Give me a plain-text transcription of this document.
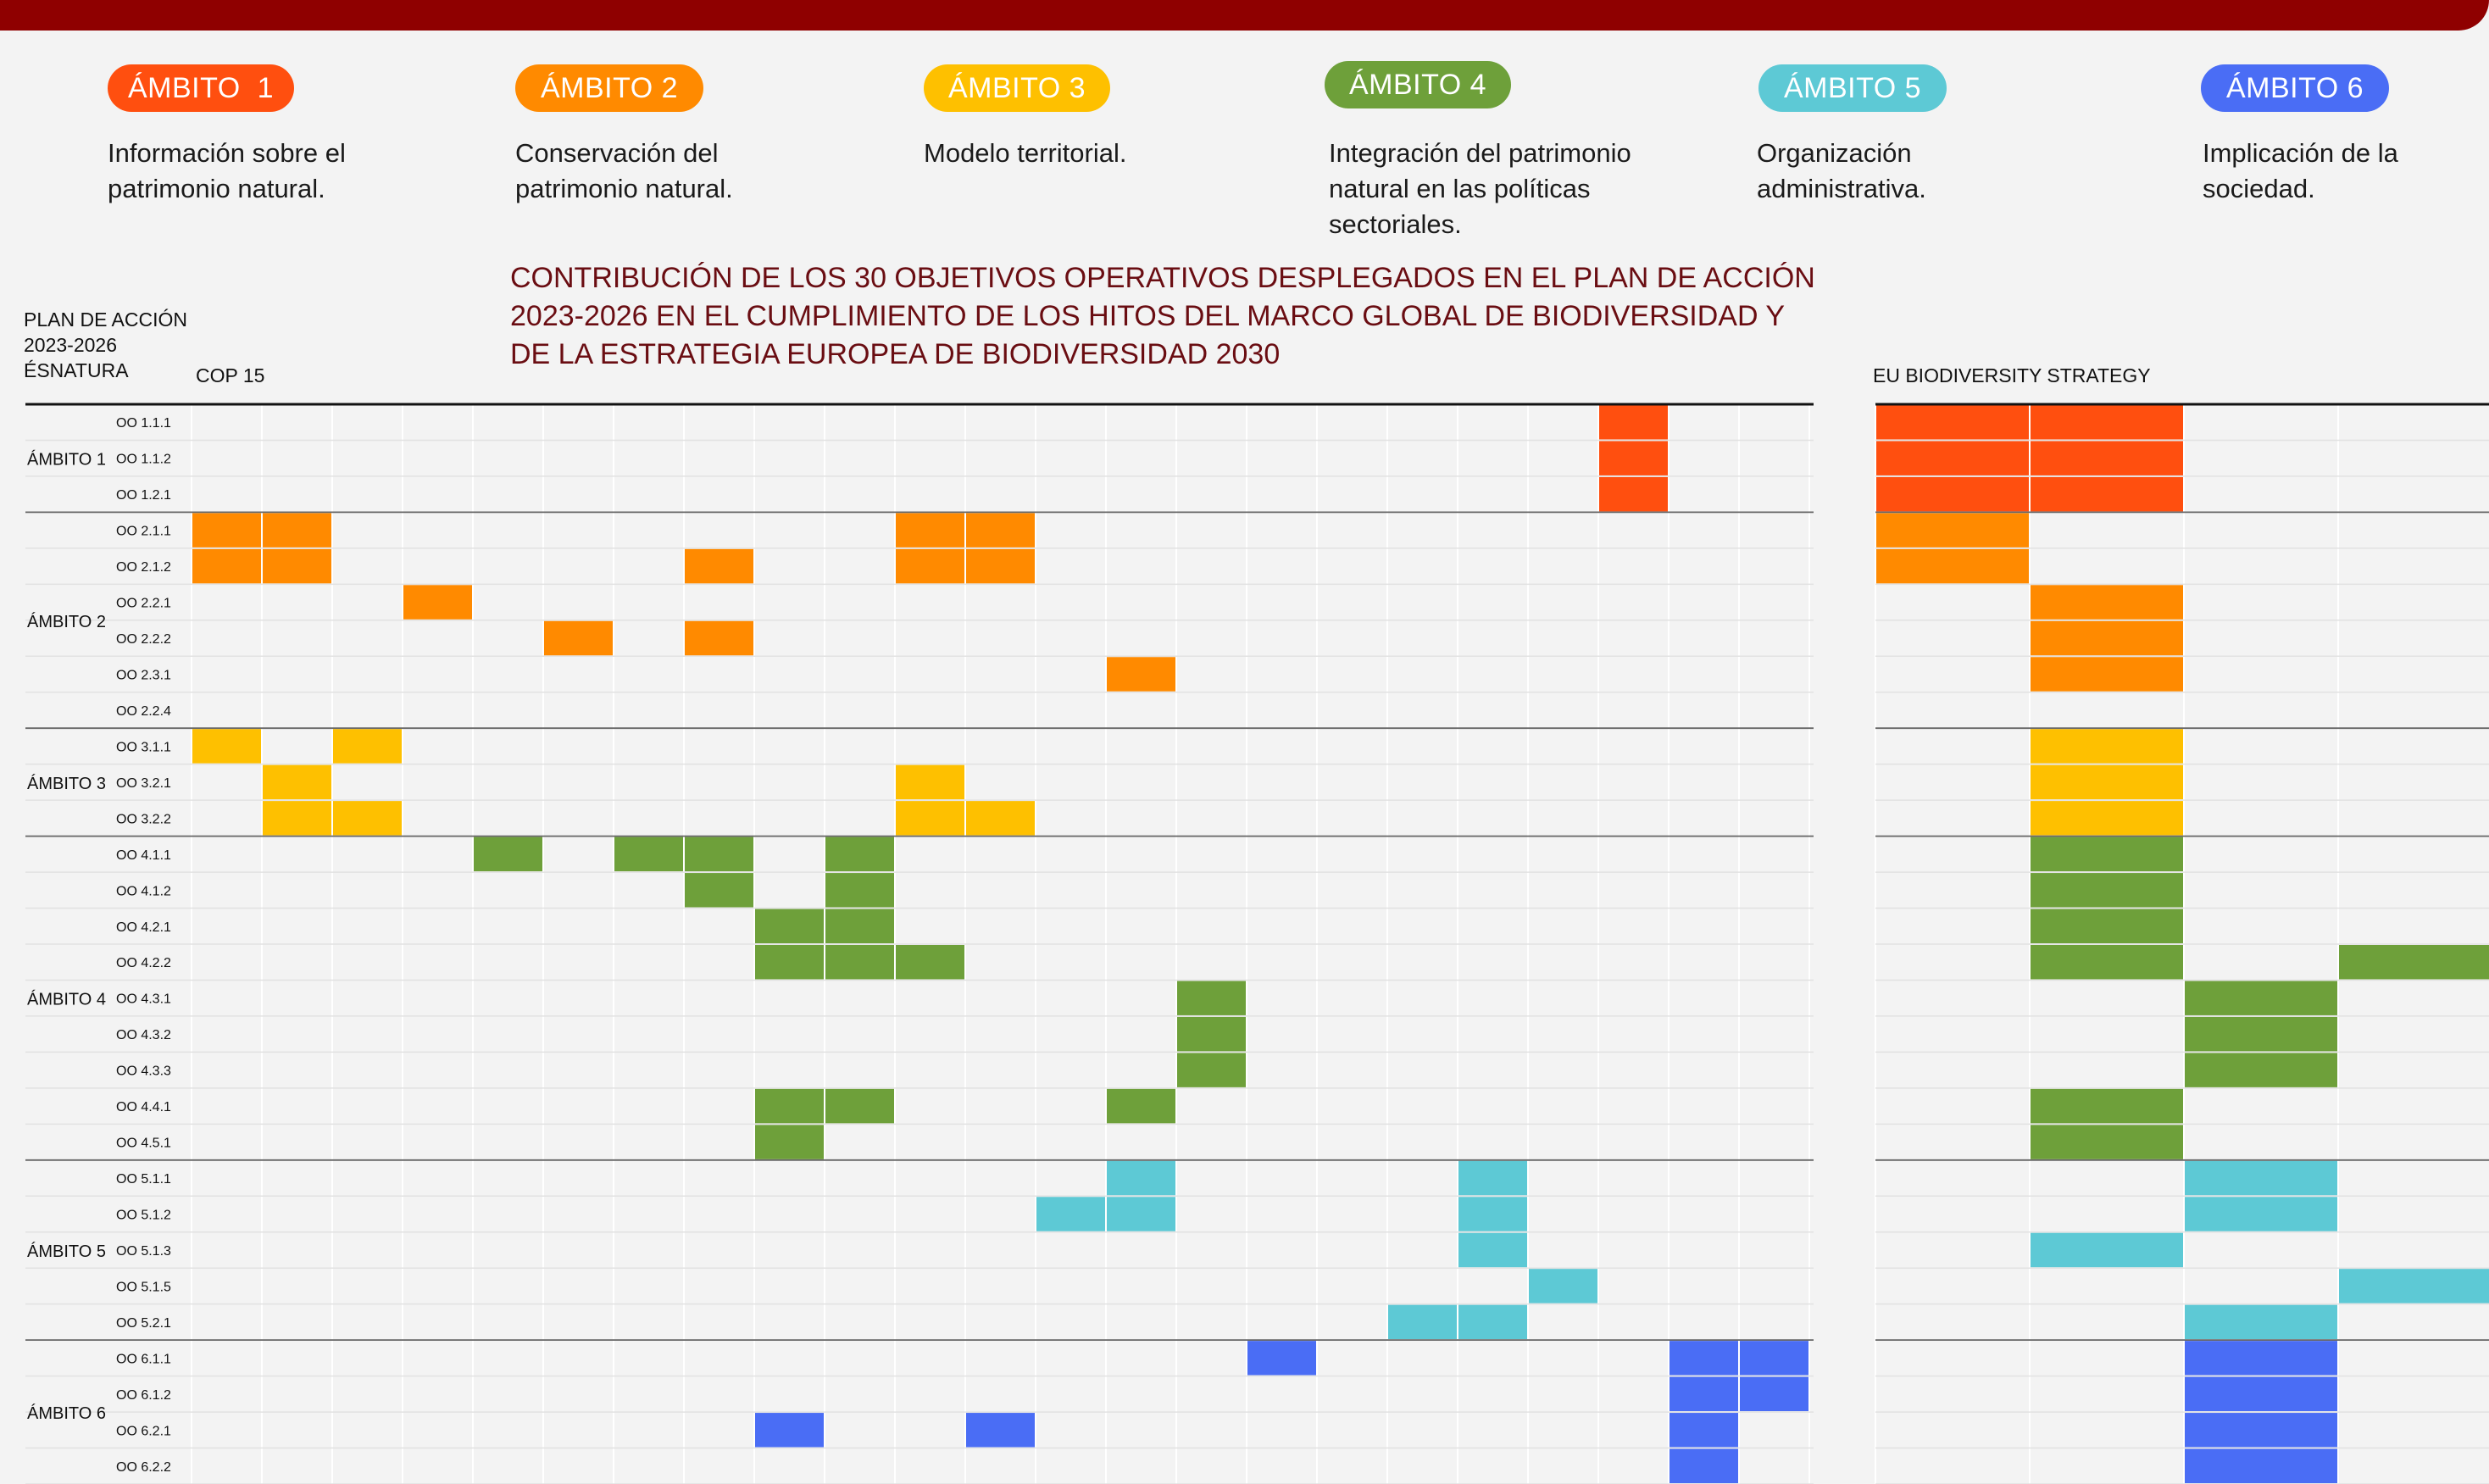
ÁMBITO  1
Información sobre el
patrimonio natural.
ÁMBITO 2
Conservación del
patrimonio natural.
ÁMBITO 3
Modelo territorial.
ÁMBITO 4
Integración del patrimonio
natural en las políticas
sectoriales.
ÁMBITO 5
Organización
administrativa.
ÁMBITO 6
Implicación de la
sociedad.
CONTRIBUCIÓN DE LOS 30 OBJETIVOS OPERATIVOS DESPLEGADOS EN EL PLAN DE ACCIÓN 2023-2026 EN EL CUMPLIMIENTO DE LOS HITOS DEL MARCO GLOBAL DE BIODIVERSIDAD Y DE LA ESTRATEGIA EUROPEA DE BIODIVERSIDAD 2030
PLAN DE ACCIÓN
2023-2026
ÉSNATURA	COP 15	EU BIODIVERSITY STRATEGY
OO 1.1.1
OO 1.1.2
OO 1.2.1
OO 2.1.1
OO 2.1.2
OO 2.2.1
OO 2.2.2
OO 2.3.1
OO 2.2.4
OO 3.1.1
OO 3.2.1
OO 3.2.2
OO 4.1.1
OO 4.1.2
OO 4.2.1
OO 4.2.2
OO 4.3.1
OO 4.3.2
OO 4.3.3
OO 4.4.1
OO 4.5.1
OO 5.1.1
OO 5.1.2
OO 5.1.3
OO 5.1.5
OO 5.2.1
OO 6.1.1
OO 6.1.2
OO 6.2.1
OO 6.2.2
ÁMBITO 1
ÁMBITO 2
ÁMBITO 3
ÁMBITO 4
ÁMBITO 5
ÁMBITO 6
